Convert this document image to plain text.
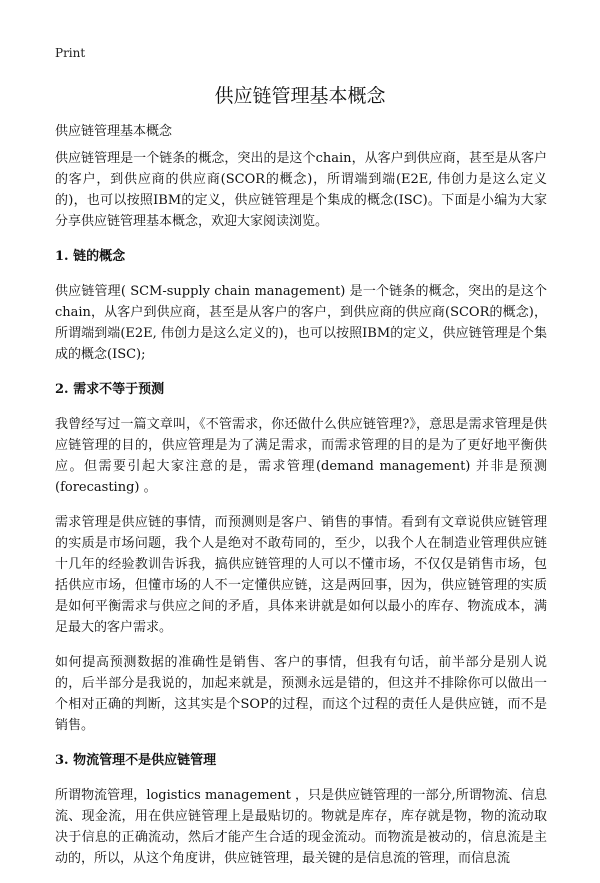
Print
供应链管理基本概念
供应链管理基本概念

供应链管理是一个链条的概念，突出的是这个chain，从客户到供应商，甚至是从客户的客户，到供应商的供应商(SCOR的概念)，所谓端到端(E2E, 伟创力是这么定义的)，也可以按照IBM的定义，供应链管理是个集成的概念(ISC)。下面是小编为大家分享供应链管理基本概念，欢迎大家阅读浏览。

1. 链的概念

供应链管理( SCM-supply chain management) 是一个链条的概念，突出的是这个chain，从客户到供应商，甚至是从客户的客户，到供应商的供应商(SCOR的概念)，所谓端到端(E2E, 伟创力是这么定义的)，也可以按照IBM的定义，供应链管理是个集成的概念(ISC);

2. 需求不等于预测

我曾经写过一篇文章叫，《不管需求，你还做什么供应链管理?》，意思是需求管理是供应链管理的目的，供应管理是为了满足需求，而需求管理的目的是为了更好地平衡供应。但需要引起大家注意的是，需求管理(demand management) 并非是预测(forecasting) 。

需求管理是供应链的事情，而预测则是客户、销售的事情。看到有文章说供应链管理的实质是市场问题，我个人是绝对不敢苟同的，至少，以我个人在制造业管理供应链十几年的经验教训告诉我，搞供应链管理的人可以不懂市场，不仅仅是销售市场，包括供应市场，但懂市场的人不一定懂供应链，这是两回事，因为，供应链管理的实质是如何平衡需求与供应之间的矛盾，具体来讲就是如何以最小的库存、物流成本，满足最大的客户需求。

如何提高预测数据的准确性是销售、客户的事情，但我有句话，前半部分是别人说的，后半部分是我说的，加起来就是，预测永远是错的，但这并不排除你可以做出一个相对正确的判断，这其实是个SOP的过程，而这个过程的责任人是供应链，而不是销售。

3. 物流管理不是供应链管理

所谓物流管理，logistics management ，只是供应链管理的一部分,所谓物流、信息流、现金流，用在供应链管理上是最贴切的。物就是库存，库存就是物，物的流动取决于信息的正确流动，然后才能产生合适的现金流动。而物流是被动的，信息流是主动的，所以，从这个角度讲，供应链管理，最关键的是信息流的管理，而信息流
